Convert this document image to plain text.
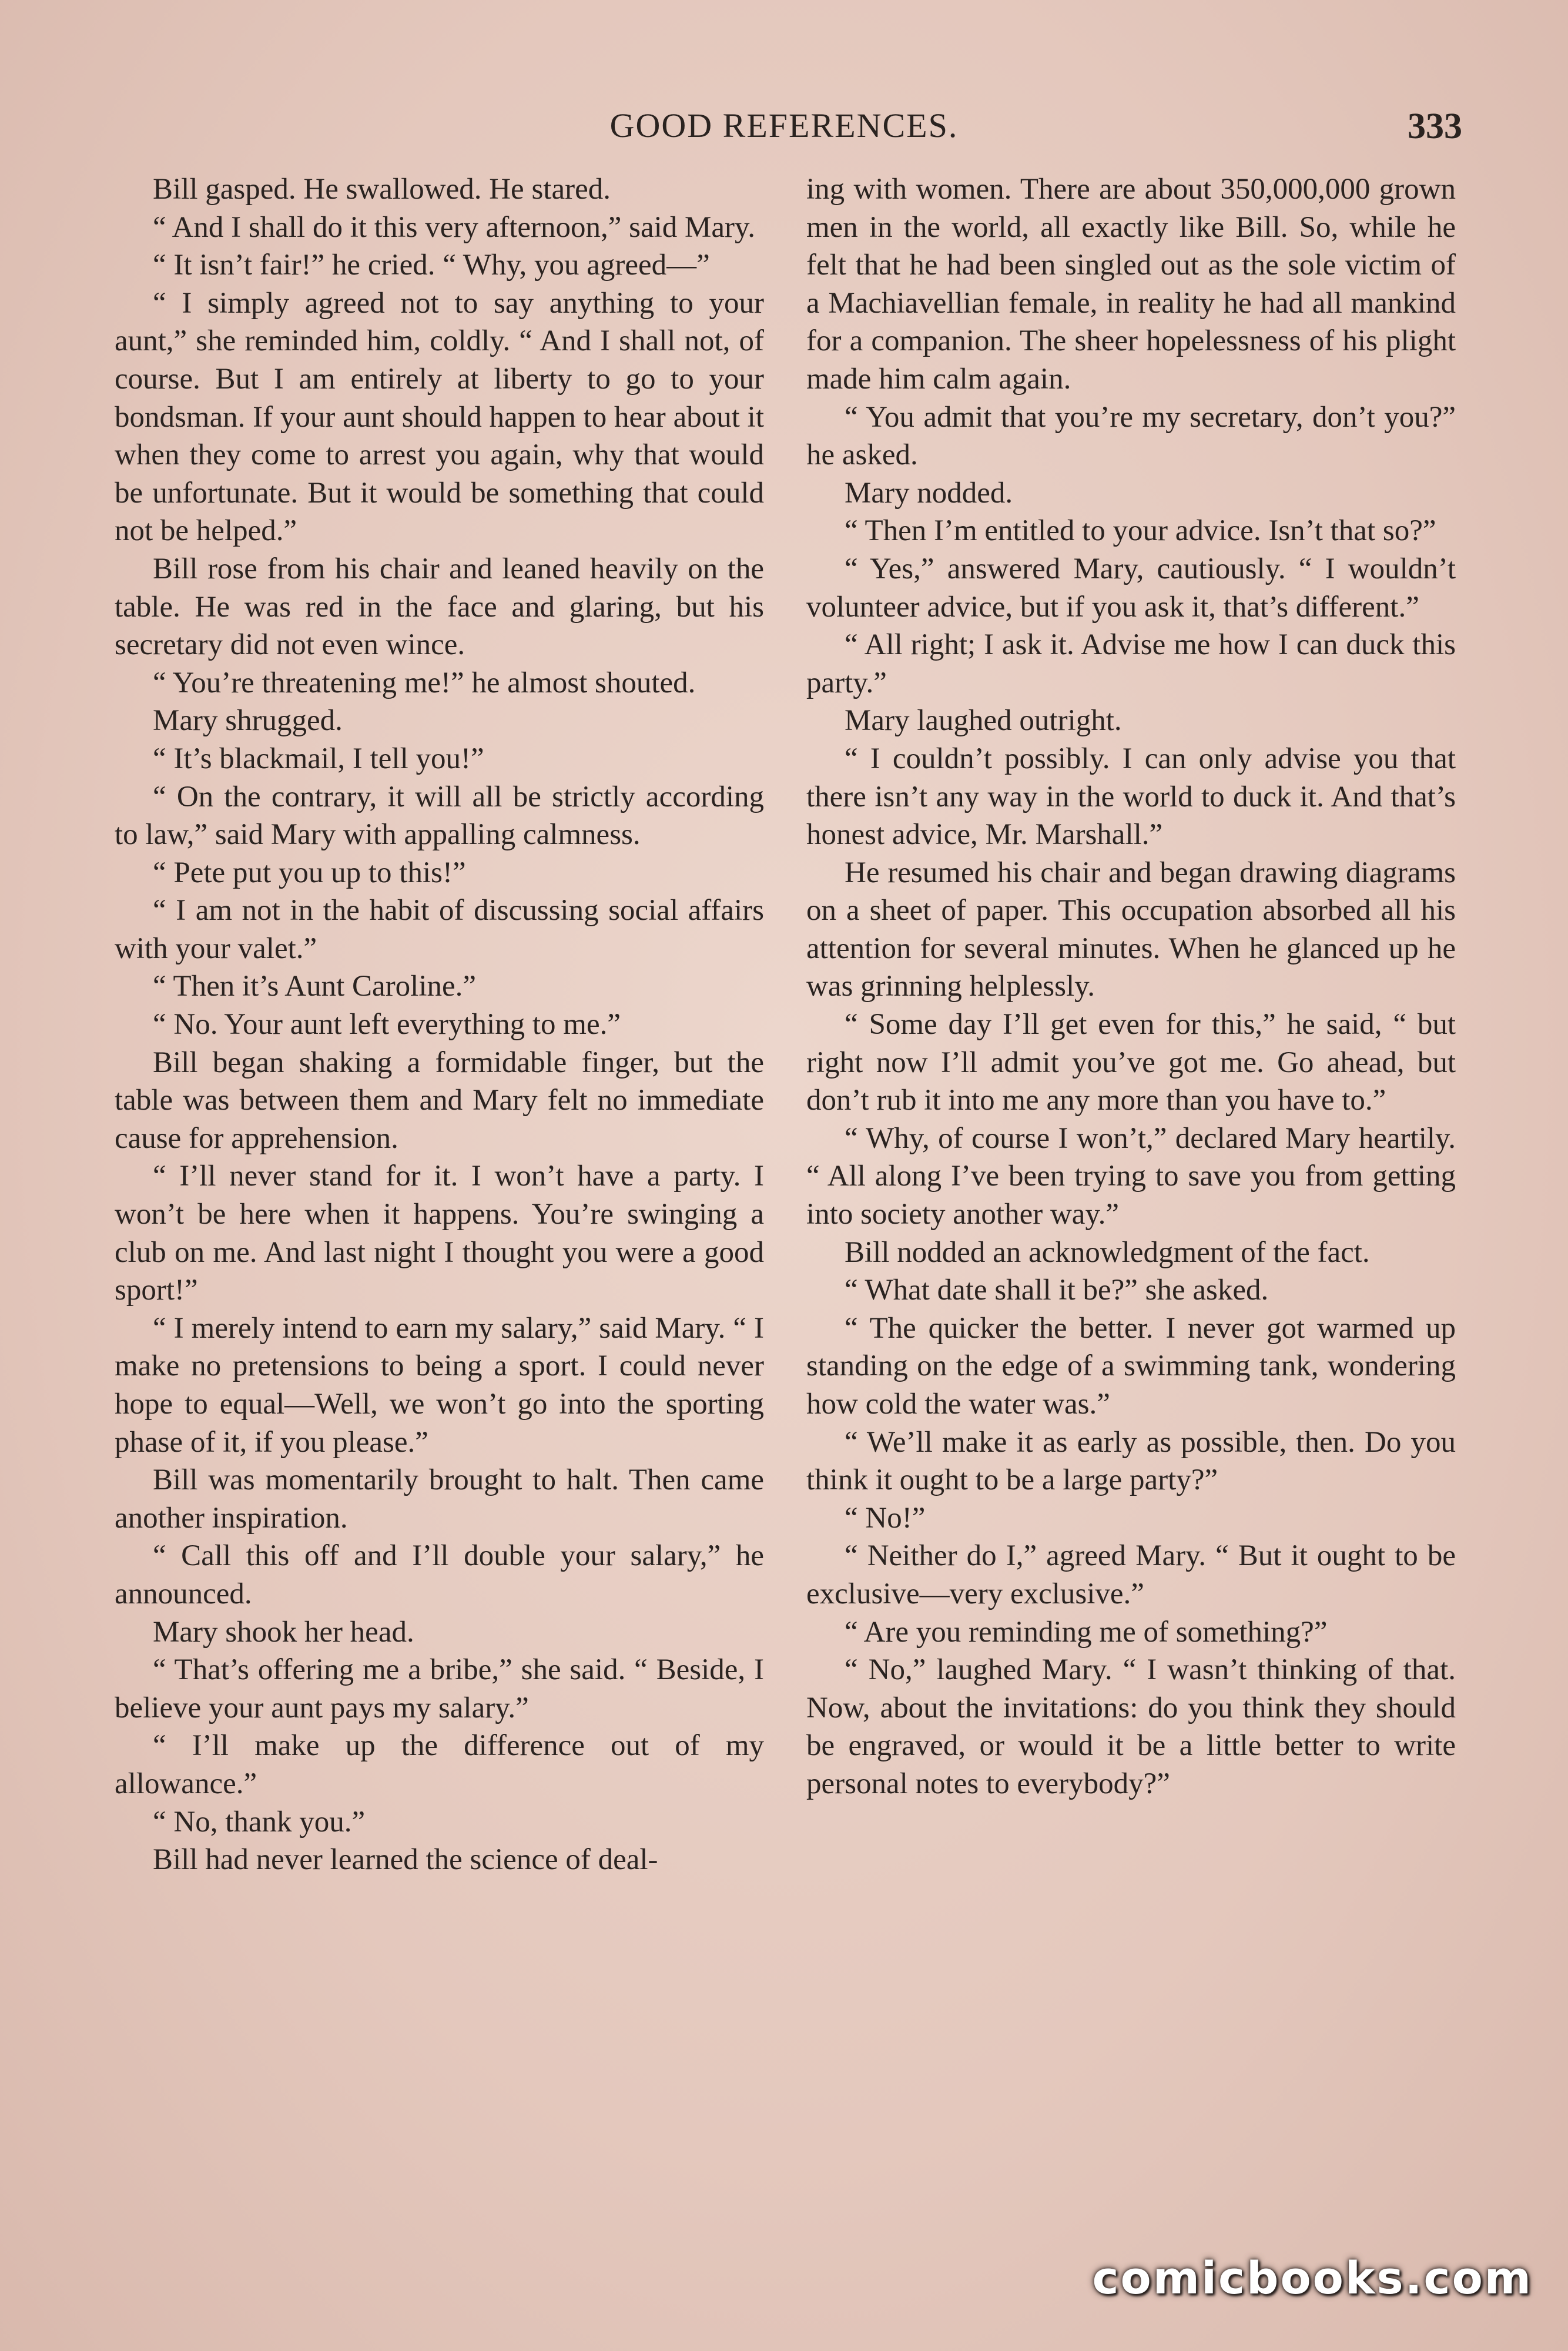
GOOD REFERENCES.	333

Bill gasped. He swallowed. He stared.

“ And I shall do it this very afternoon,” said Mary.

“ It isn’t fair!” he cried. “ Why, you agreed—”

“ I simply agreed not to say anything to your aunt,” she reminded him, coldly. “ And I shall not, of course. But I am entirely at liberty to go to your bondsman. If your aunt should happen to hear about it when they come to arrest you again, why that would be unfortunate. But it would be something that could not be helped.”

Bill rose from his chair and leaned heavily on the table. He was red in the face and glaring, but his secretary did not even wince.

“ You’re threatening me!” he almost shouted.

Mary shrugged.

“ It’s blackmail, I tell you!”

“ On the contrary, it will all be strictly according to law,” said Mary with appalling calmness.

“ Pete put you up to this!”

“ I am not in the habit of discussing social affairs with your valet.”

“ Then it’s Aunt Caroline.”

“ No. Your aunt left everything to me.”

Bill began shaking a formidable finger, but the table was between them and Mary felt no immediate cause for apprehension.

“ I’ll never stand for it. I won’t have a party. I won’t be here when it happens. You’re swinging a club on me. And last night I thought you were a good sport!”

“ I merely intend to earn my salary,” said Mary. “ I make no pretensions to being a sport. I could never hope to equal—Well, we won’t go into the sporting phase of it, if you please.”

Bill was momentarily brought to halt. Then came another inspiration.

“ Call this off and I’ll double your salary,” he announced.

Mary shook her head.

“ That’s offering me a bribe,” she said. “ Beside, I believe your aunt pays my salary.”

“ I’ll make up the difference out of my allowance.”

“ No, thank you.”

Bill had never learned the science of deal-

ing with women. There are about 350,000,000 grown men in the world, all exactly like Bill. So, while he felt that he had been singled out as the sole victim of a Machiavellian female, in reality he had all mankind for a companion. The sheer hopelessness of his plight made him calm again.

“ You admit that you’re my secretary, don’t you?” he asked.

Mary nodded.

“ Then I’m entitled to your advice. Isn’t that so?”

“ Yes,” answered Mary, cautiously. “ I wouldn’t volunteer advice, but if you ask it, that’s different.”

“ All right; I ask it. Advise me how I can duck this party.”

Mary laughed outright.

“ I couldn’t possibly. I can only advise you that there isn’t any way in the world to duck it. And that’s honest advice, Mr. Marshall.”

He resumed his chair and began drawing diagrams on a sheet of paper. This occupation absorbed all his attention for several minutes. When he glanced up he was grinning helplessly.

“ Some day I’ll get even for this,” he said, “ but right now I’ll admit you’ve got me. Go ahead, but don’t rub it into me any more than you have to.”

“ Why, of course I won’t,” declared Mary heartily. “ All along I’ve been trying to save you from getting into society another way.”

Bill nodded an acknowledgment of the fact.

“ What date shall it be?” she asked.

“ The quicker the better. I never got warmed up standing on the edge of a swimming tank, wondering how cold the water was.”

“ We’ll make it as early as possible, then. Do you think it ought to be a large party?”

“ No!”

“ Neither do I,” agreed Mary. “ But it ought to be exclusive—very exclusive.”

“ Are you reminding me of something?”

“ No,” laughed Mary. “ I wasn’t thinking of that. Now, about the invitations: do you think they should be engraved, or would it be a little better to write personal notes to everybody?”

comicbooks.com
